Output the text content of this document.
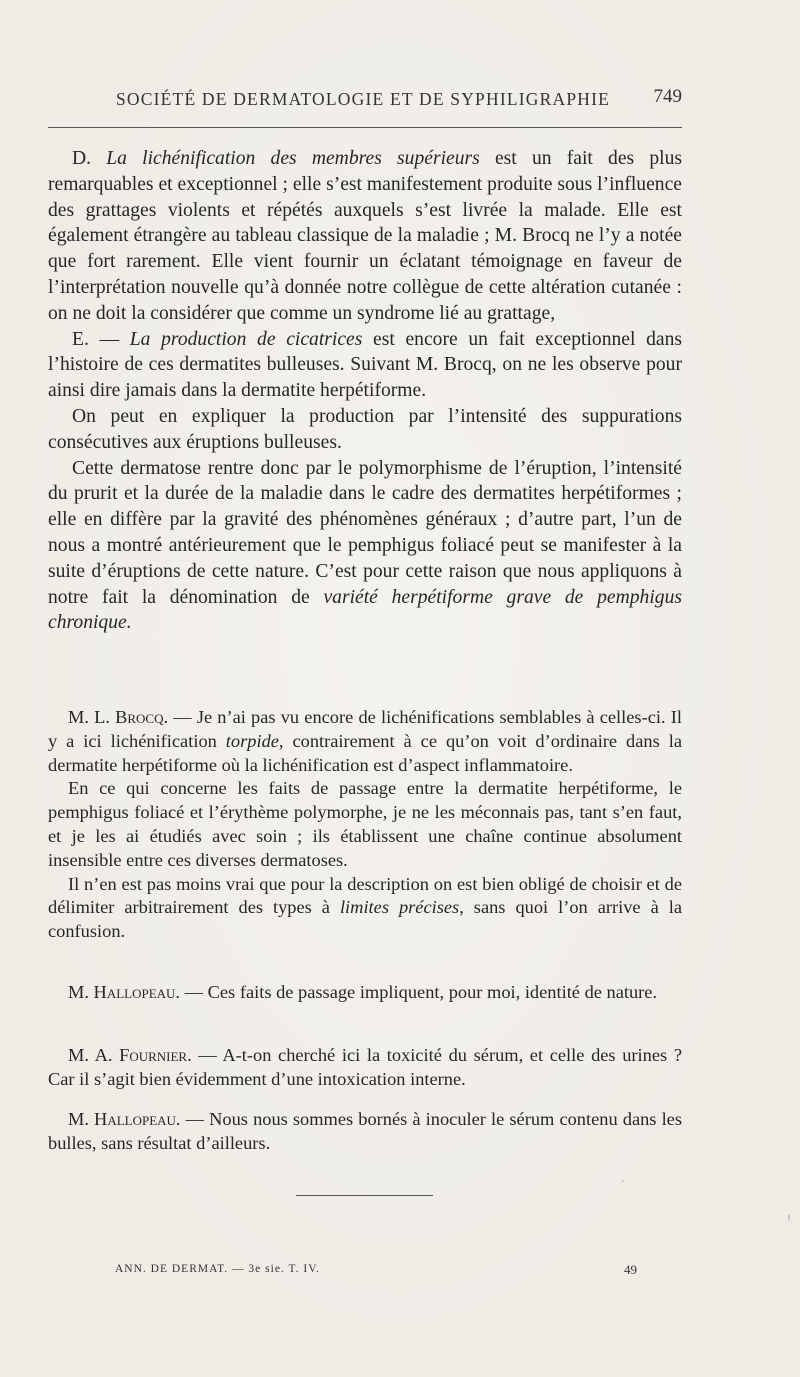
SOCIÉTÉ DE DERMATOLOGIE ET DE SYPHILIGRAPHIE 749

D. La lichénification des membres supérieurs est un fait des plus remarquables et exceptionnel ; elle s’est manifestement produite sous l’influence des grattages violents et répétés auxquels s’est livrée la malade. Elle est également étrangère au tableau classique de la maladie ; M. Brocq ne l’y a notée que fort rarement. Elle vient fournir un éclatant témoignage en faveur de l’interprétation nouvelle qu’à donnée notre collègue de cette altération cutanée : on ne doit la considérer que comme un syndrome lié au grattage,

E. — La production de cicatrices est encore un fait exceptionnel dans l’histoire de ces dermatites bulleuses. Suivant M. Brocq, on ne les observe pour ainsi dire jamais dans la dermatite herpétiforme.

On peut en expliquer la production par l’intensité des suppurations consécutives aux éruptions bulleuses.

Cette dermatose rentre donc par le polymorphisme de l’éruption, l’intensité du prurit et la durée de la maladie dans le cadre des dermatites herpétiformes ; elle en diffère par la gravité des phénomènes généraux ; d’autre part, l’un de nous a montré antérieurement que le pemphigus foliacé peut se manifester à la suite d’éruptions de cette nature. C’est pour cette raison que nous appliquons à notre fait la dénomination de variété herpétiforme grave de pemphigus chronique.

M. L. Brocq. — Je n’ai pas vu encore de lichénifications semblables à celles-ci. Il y a ici lichénification torpide, contrairement à ce qu’on voit d’ordinaire dans la dermatite herpétiforme où la lichénification est d’aspect inflammatoire.

En ce qui concerne les faits de passage entre la dermatite herpétiforme, le pemphigus foliacé et l’érythème polymorphe, je ne les méconnais pas, tant s’en faut, et je les ai étudiés avec soin ; ils établissent une chaîne continue absolument insensible entre ces diverses dermatoses.

Il n’en est pas moins vrai que pour la description on est bien obligé de choisir et de délimiter arbitrairement des types à limites précises, sans quoi l’on arrive à la confusion.

M. Hallopeau. — Ces faits de passage impliquent, pour moi, identité de nature.

M. A. Fournier. — A-t-on cherché ici la toxicité du sérum, et celle des urines ? Car il s’agit bien évidemment d’une intoxication interne.

M. Hallopeau. — Nous nous sommes bornés à inoculer le sérum contenu dans les bulles, sans résultat d’ailleurs.

ANN. DE DERMAT. — 3e sie. T. IV.	49
